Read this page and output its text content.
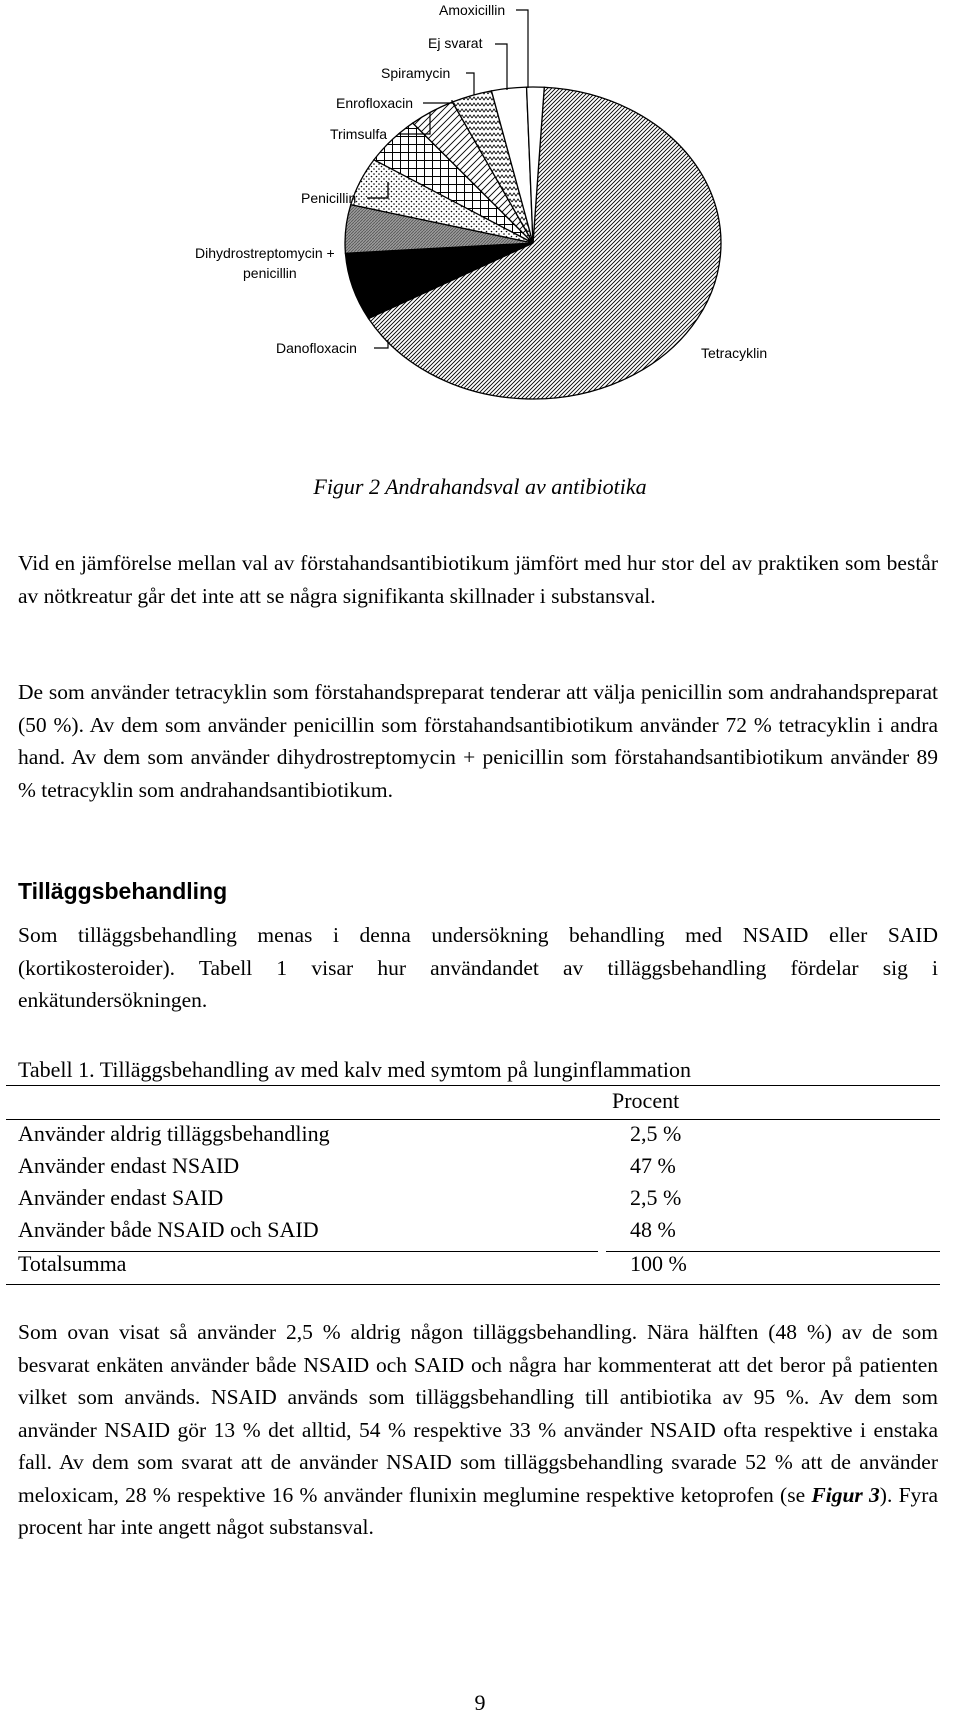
Amoxicillin
Ej svarat
Spiramycin
Enrofloxacin
Trimsulfa
Penicillin
Dihydrostreptomycin + penicillin
Danofloxacin	Tetracyklin
Figur 2 Andrahandsval av antibiotika

Vid en jämförelse mellan val av förstahandsantibiotikum jämfört med hur stor del av praktiken som består av nötkreatur går det inte att se några signifikanta skillnader i substansval.

De som använder tetracyklin som förstahandspreparat tenderar att välja penicillin som andrahandspreparat (50 %). Av dem som använder penicillin som förstahandsantibiotikum använder 72 % tetracyklin i andra hand. Av dem som använder dihydrostreptomycin + penicillin som förstahandsantibiotikum använder 89 % tetracyklin som andrahandsantibiotikum.

Tilläggsbehandling

Som tilläggsbehandling menas i denna undersökning behandling med NSAID eller SAID (kortikosteroider). Tabell 1 visar hur användandet av tilläggsbehandling fördelar sig i enkätundersökningen.

Tabell 1. Tilläggsbehandling av med kalv med symtom på lunginflammation
Procent
Använder aldrig tilläggsbehandling	2,5 %
Använder endast NSAID	47 %
Använder endast SAID	2,5 %
Använder både NSAID och SAID	48 %
Totalsumma	100 %

Som ovan visat så använder 2,5 % aldrig någon tilläggsbehandling. Nära hälften (48 %) av de som besvarat enkäten använder både NSAID och SAID och några har kommenterat att det beror på patienten vilket som används. NSAID används som tilläggsbehandling till antibiotika av 95 %. Av dem som använder NSAID gör 13 % det alltid, 54 % respektive 33 % använder NSAID ofta respektive i enstaka fall. Av dem som svarat att de använder NSAID som tilläggsbehandling svarade 52 % att de använder meloxicam, 28 % respektive 16 % använder flunixin meglumine respektive ketoprofen (se Figur 3). Fyra procent har inte angett något substansval.

9
